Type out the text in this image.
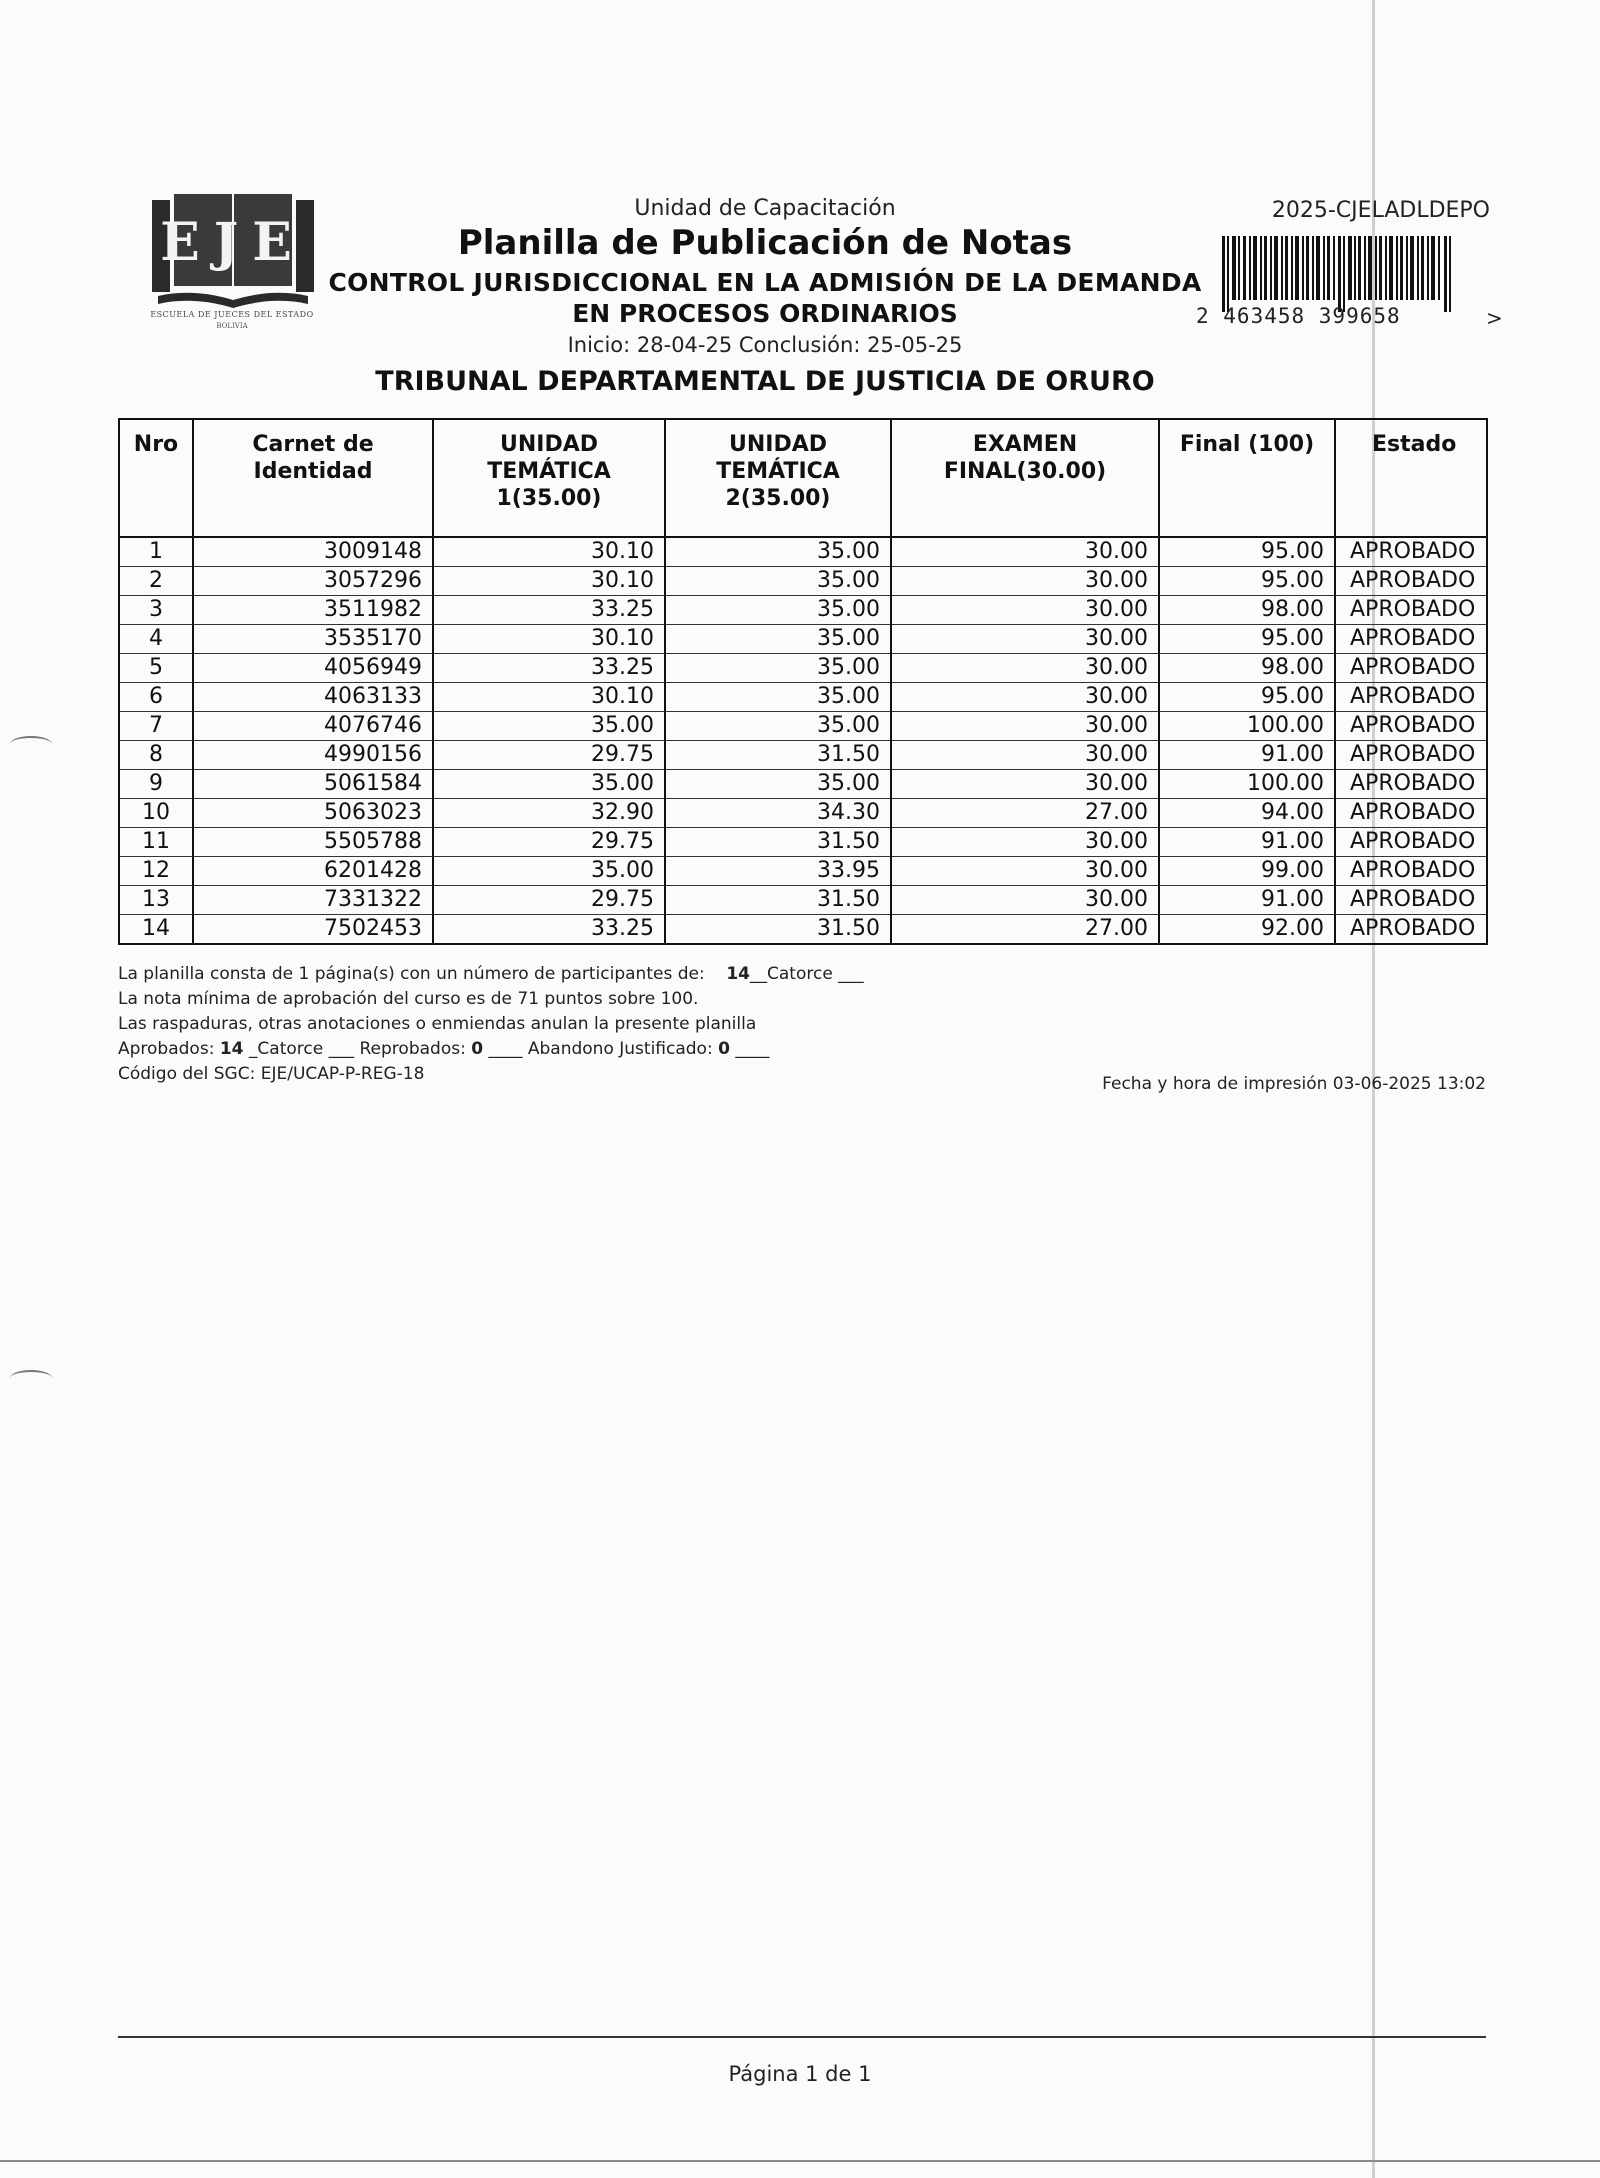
EJE
ESCUELA DE JUECES DEL ESTADO
BOLIVIA
Unidad de Capacitación
Planilla de Publicación de Notas
CONTROL JURISDICCIONAL EN LA ADMISIÓN DE LA DEMANDA
EN PROCESOS ORDINARIOS
Inicio: 28-04-25 Conclusión: 25-05-25
TRIBUNAL DEPARTAMENTAL DE JUSTICIA DE ORURO
2025-CJELADLDEPO
2 463458 399658	>
Nro	Carnet de Identidad	UNIDAD TEMÁTICA 1(35.00)	UNIDAD TEMÁTICA 2(35.00)	EXAMEN FINAL(30.00)	Final (100)	Estado
1	3009148	30.10	35.00	30.00	95.00	APROBADO
2	3057296	30.10	35.00	30.00	95.00	APROBADO
3	3511982	33.25	35.00	30.00	98.00	APROBADO
4	3535170	30.10	35.00	30.00	95.00	APROBADO
5	4056949	33.25	35.00	30.00	98.00	APROBADO
6	4063133	30.10	35.00	30.00	95.00	APROBADO
7	4076746	35.00	35.00	30.00	100.00	APROBADO
8	4990156	29.75	31.50	30.00	91.00	APROBADO
9	5061584	35.00	35.00	30.00	100.00	APROBADO
10	5063023	32.90	34.30	27.00	94.00	APROBADO
11	5505788	29.75	31.50	30.00	91.00	APROBADO
12	6201428	35.00	33.95	30.00	99.00	APROBADO
13	7331322	29.75	31.50	30.00	91.00	APROBADO
14	7502453	33.25	31.50	27.00	92.00	APROBADO
La planilla consta de 1 página(s) con un número de participantes de: 14__Catorce ___
La nota mínima de aprobación del curso es de 71 puntos sobre 100.
Las raspaduras, otras anotaciones o enmiendas anulan la presente planilla
Aprobados: 14 _Catorce ___ Reprobados: 0 ____ Abandono Justificado: 0 ____
Código del SGC: EJE/UCAP-P-REG-18	Fecha y hora de impresión 03-06-2025 13:02
Página 1 de 1
